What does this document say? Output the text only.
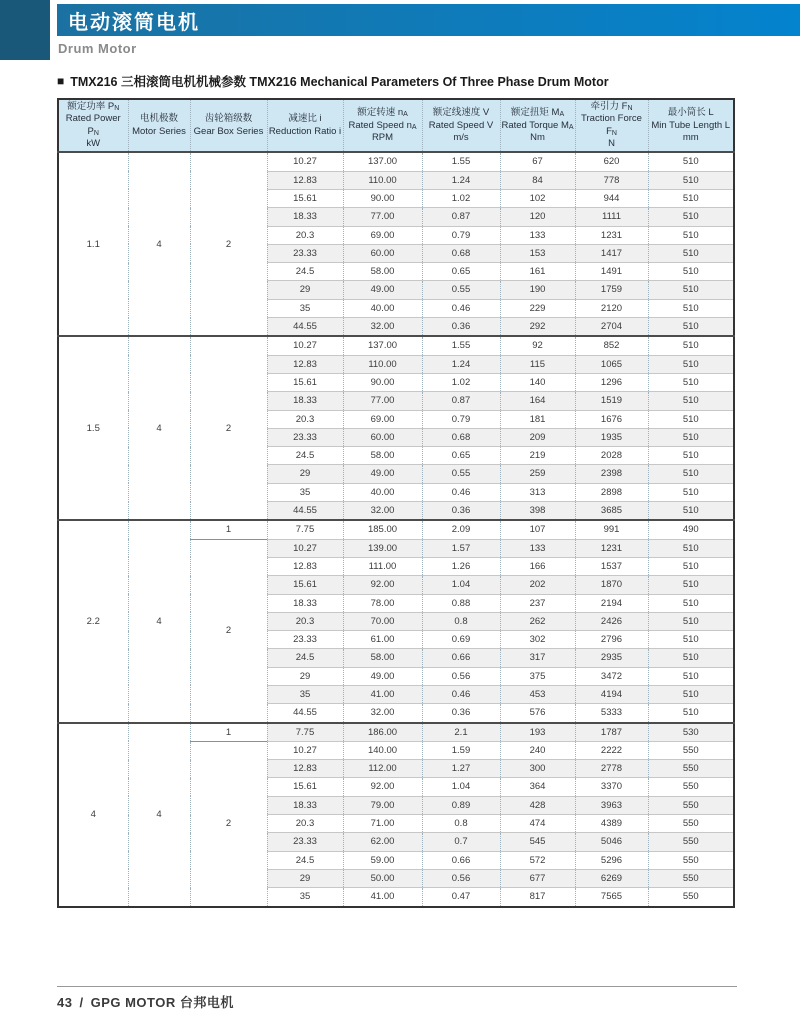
电动滚筒电机
Drum Motor
■ TMX216 三相滚筒电机机械参数 TMX216 Mechanical Parameters Of Three Phase Drum Motor
额定功率 PN
Rated Power PN
kW

电机极数
Motor Series

齿轮箱级数
Gear Box Series

减速比 i
Reduction Ratio i

额定转速 nA
Rated Speed nA
RPM

额定线速度 V
Rated Speed V
m/s

额定扭矩 MA
Rated Torque MA
Nm

牵引力 FN
Traction Force FN
N

最小筒长 L
Min Tube Length L
mm

1.1	4	2	10.27	137.00	1.55	67	620	510
			12.83	110.00	1.24	84	778	510
			15.61	90.00	1.02	102	944	510
			18.33	77.00	0.87	120	1111	510
			20.3	69.00	0.79	133	1231	510
			23.33	60.00	0.68	153	1417	510
			24.5	58.00	0.65	161	1491	510
			29	49.00	0.55	190	1759	510
			35	40.00	0.46	229	2120	510
			44.55	32.00	0.36	292	2704	510
1.5	4	2	10.27	137.00	1.55	92	852	510
			12.83	110.00	1.24	115	1065	510
			15.61	90.00	1.02	140	1296	510
			18.33	77.00	0.87	164	1519	510
			20.3	69.00	0.79	181	1676	510
			23.33	60.00	0.68	209	1935	510
			24.5	58.00	0.65	219	2028	510
			29	49.00	0.55	259	2398	510
			35	40.00	0.46	313	2898	510
			44.55	32.00	0.36	398	3685	510
2.2	4	1	7.75	185.00	2.09	107	991	490
		2	10.27	139.00	1.57	133	1231	510
			12.83	111.00	1.26	166	1537	510
			15.61	92.00	1.04	202	1870	510
			18.33	78.00	0.88	237	2194	510
			20.3	70.00	0.8	262	2426	510
			23.33	61.00	0.69	302	2796	510
			24.5	58.00	0.66	317	2935	510
			29	49.00	0.56	375	3472	510
			35	41.00	0.46	453	4194	510
			44.55	32.00	0.36	576	5333	510
4	4	1	7.75	186.00	2.1	193	1787	530
		2	10.27	140.00	1.59	240	2222	550
			12.83	112.00	1.27	300	2778	550
			15.61	92.00	1.04	364	3370	550
			18.33	79.00	0.89	428	3963	550
			20.3	71.00	0.8	474	4389	550
			23.33	62.00	0.7	545	5046	550
			24.5	59.00	0.66	572	5296	550
			29	50.00	0.56	677	6269	550
			35	41.00	0.47	817	7565	550
43 / GPG MOTOR 台邦电机
